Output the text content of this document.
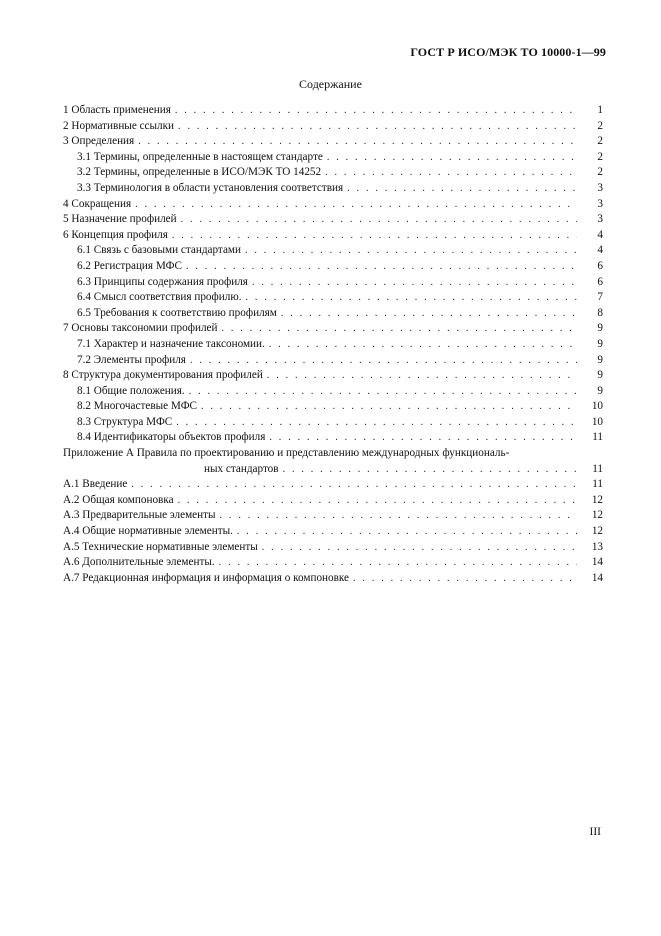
ГОСТ Р ИСО/МЭК ТО 10000-1—99
Содержание
1 Область применения . . .	1
2 Нормативные ссылки . . .	2
3 Определения . . .	2
3.1 Термины, определенные в настоящем стандарте . . .	2
3.2 Термины, определенные в ИСО/МЭК ТО 14252 . . .	2
3.3 Терминология в области установления соответствия . . .	3
4 Сокращения . . .	3
5 Назначение профилей . . .	3
6 Концепция профиля . . .	4
6.1 Связь с базовыми стандартами . . .	4
6.2 Регистрация МФС . . .	6
6.3 Принципы содержания профиля . . .	6
6.4 Смысл соответствия профилю. . . .	7
6.5 Требования к соответствию профилям . . .	8
7 Основы таксономии профилей . . .	9
7.1 Характер и назначение таксономии. . . .	9
7.2 Элементы профиля . . .	9
8 Структура документирования профилей . . .	9
8.1 Общие положения. . . .	9
8.2 Многочастевые МФС . . .	10
8.3 Структура МФС . . .	10
8.4 Идентификаторы объектов профиля . . .	11
Приложение А Правила по проектированию и представлению международных функциональ-
ных стандартов . . .	11
А.1 Введение . . .	11
А.2 Общая компоновка . . .	12
А.3 Предварительные элементы . . .	12
А.4 Общие нормативные элементы. . . .	12
А.5 Технические нормативные элементы . . .	13
А.6 Дополнительные элементы. . . .	14
А.7 Редакционная информация и информация о компоновке . . .	14
III
